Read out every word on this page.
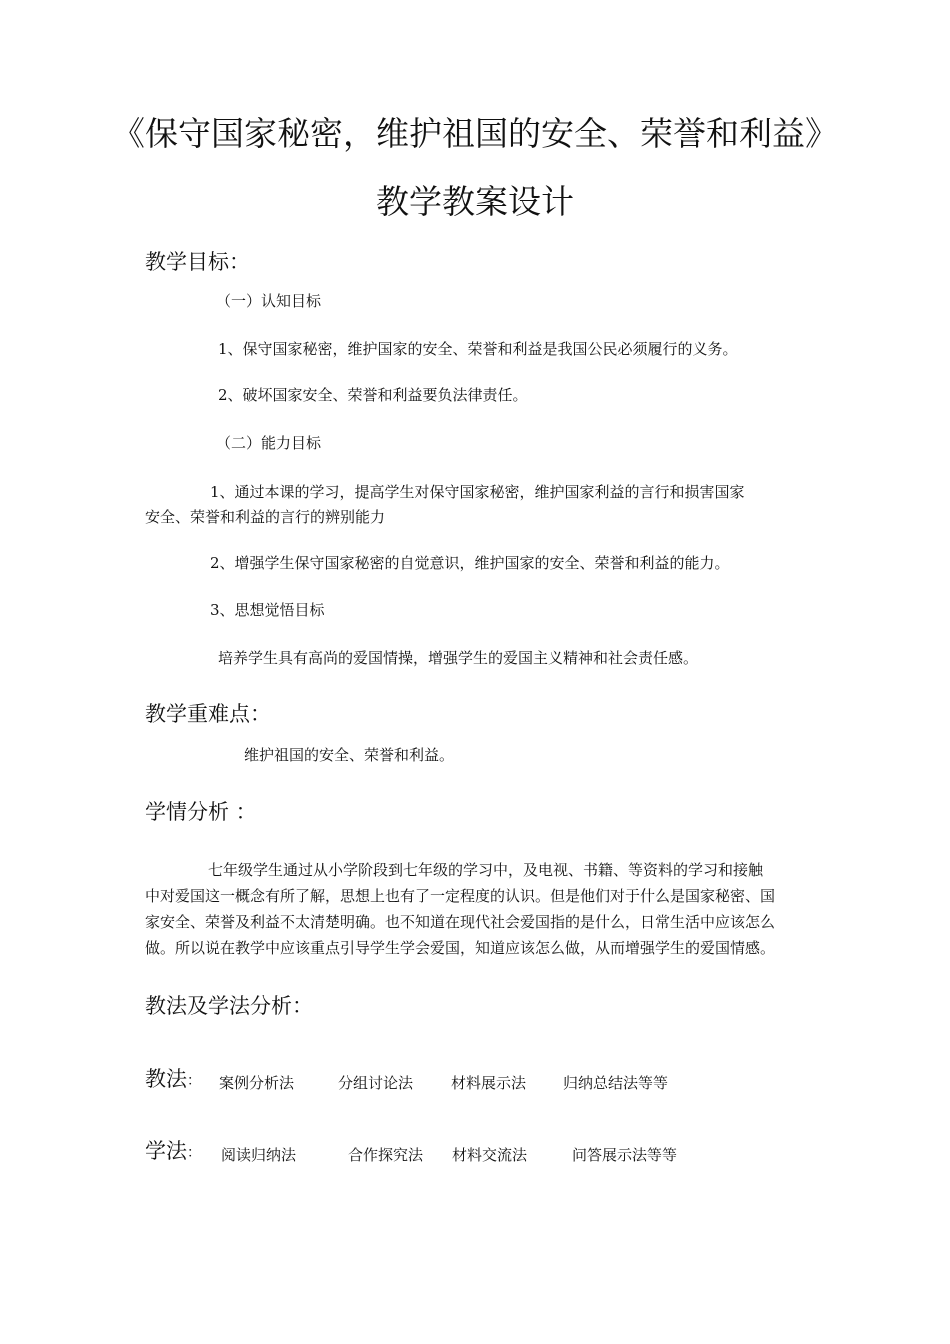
《保守国家秘密，维护祖国的安全、荣誉和利益》
教学教案设计
教学目标：
（一）认知目标
1、保守国家秘密，维护国家的安全、荣誉和利益是我国公民必须履行的义务。
2、破坏国家安全、荣誉和利益要负法律责任。
（二）能力目标
1、通过本课的学习，提高学生对保守国家秘密，维护国家利益的言行和损害国家
安全、荣誉和利益的言行的辨别能力
2、增强学生保守国家秘密的自觉意识，维护国家的安全、荣誉和利益的能力。
3、思想觉悟目标
培养学生具有高尚的爱国情操，增强学生的爱国主义精神和社会责任感。
教学重难点：
维护祖国的安全、荣誉和利益。
学情分析 ：
七年级学生通过从小学阶段到七年级的学习中，及电视、书籍、等资料的学习和接触
中对爱国这一概念有所了解，思想上也有了一定程度的认识。但是他们对于什么是国家秘密、国
家安全、荣誉及利益不太清楚明确。也不知道在现代社会爱国指的是什么，日常生活中应该怎么
做。所以说在教学中应该重点引导学生学会爱国，知道应该怎么做，从而增强学生的爱国情感。
教法及学法分析：
教法 ： 案例分析法	分组讨论法	材料展示法 归纳总结法等等
学法 ： 阅读归纳法	合作探究法 材料交流法	问答展示法等等
